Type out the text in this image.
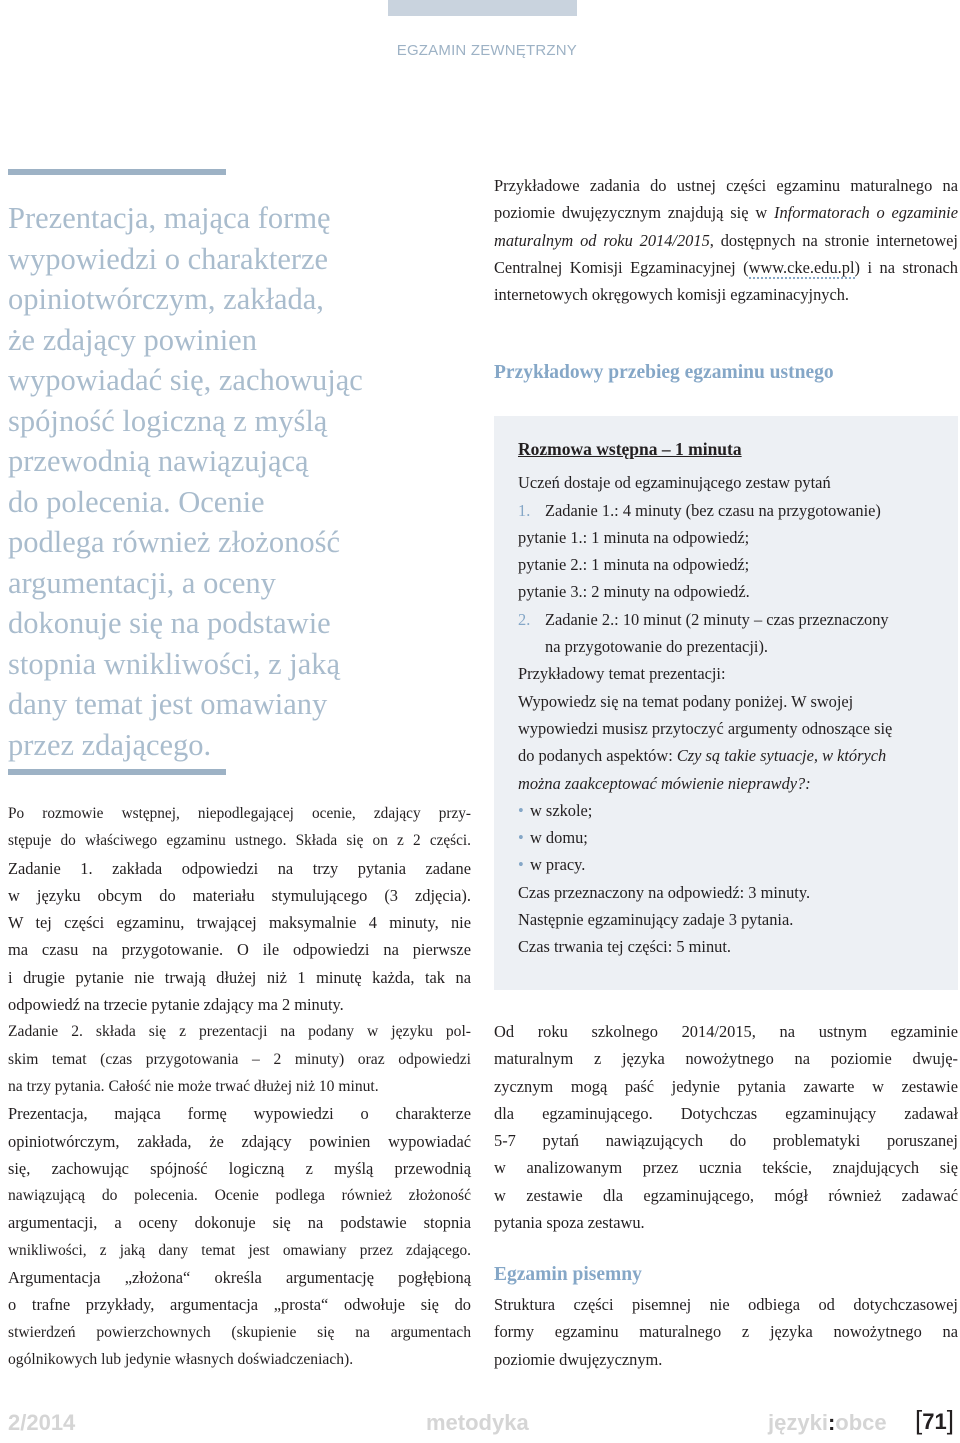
EGZAMIN ZEWNĘTRZNY
Prezentacja, mająca formę
wypowiedzi o charakterze
opiniotwórczym, zakłada,
że zdający powinien
wypowiadać się, zachowując
spójność logiczną z myślą
przewodnią nawiązującą
do polecenia. Ocenie
podlega również złożoność
argumentacji, a oceny
dokonuje się na podstawie
stopnia wnikliwości, z jaką
dany temat jest omawiany
przez zdającego.
Po rozmowie wstępnej, niepodlegającej ocenie, zdający przy-
stępuje do właściwego egzaminu ustnego. Składa się on z 2 części.
Zadanie 1. zakłada odpowiedzi na trzy pytania zadane
w języku obcym do materiału stymulującego (3 zdjęcia).
W tej części egzaminu, trwającej maksymalnie 4 minuty, nie
ma czasu na przygotowanie. O ile odpowiedzi na pierwsze
i drugie pytanie nie trwają dłużej niż 1 minutę każda, tak na
odpowiedź na trzecie pytanie zdający ma 2 minuty.
Zadanie 2. składa się z prezentacji na podany w języku pol-
skim temat (czas przygotowania – 2 minuty) oraz odpowiedzi
na trzy pytania. Całość nie może trwać dłużej niż 10 minut.
Prezentacja, mająca formę wypowiedzi o charakterze
opiniotwórczym, zakłada, że zdający powinien wypowiadać
się, zachowując spójność logiczną z myślą przewodnią
nawiązującą do polecenia. Ocenie podlega również złożoność
argumentacji, a oceny dokonuje się na podstawie stopnia
wnikliwości, z jaką dany temat jest omawiany przez zdającego.
Argumentacja „złożona“ określa argumentację pogłębioną
o trafne przykłady, argumentacja „prosta“ odwołuje się do
stwierdzeń powierzchownych (skupienie się na argumentach
ogólnikowych lub jedynie własnych doświadczeniach).
Przykładowe zadania do ustnej części egzaminu maturalnego na poziomie dwujęzycznym znajdują się w Informatorach o egzaminie maturalnym od roku 2014/2015, dostępnych na stronie internetowej Centralnej Komisji Egzaminacyjnej (www.cke.edu.pl) i na stronach internetowych okręgowych komisji egzaminacyjnych.
Przykładowy przebieg egzaminu ustnego
Rozmowa wstępna – 1 minuta
Uczeń dostaje od egzaminującego zestaw pytań
1. Zadanie 1.: 4 minuty (bez czasu na przygotowanie)
pytanie 1.: 1 minuta na odpowiedź;
pytanie 2.: 1 minuta na odpowiedź;
pytanie 3.: 2 minuty na odpowiedź.
2. Zadanie 2.: 10 minut (2 minuty – czas przeznaczony
na przygotowanie do prezentacji).
Przykładowy temat prezentacji:
Wypowiedz się na temat podany poniżej. W swojej
wypowiedzi musisz przytoczyć argumenty odnoszące się
do podanych aspektów: Czy są takie sytuacje, w których
można zaakceptować mówienie nieprawdy?:
• w szkole;
• w domu;
• w pracy.
Czas przeznaczony na odpowiedź: 3 minuty.
Następnie egzaminujący zadaje 3 pytania.
Czas trwania tej części: 5 minut.
Od roku szkolnego 2014/2015, na ustnym egzaminie
maturalnym z języka nowożytnego na poziomie dwuję-
zycznym mogą paść jedynie pytania zawarte w zestawie
dla egzaminującego. Dotychczas egzaminujący zadawał
5-7 pytań nawiązujących do problematyki poruszanej
w analizowanym przez ucznia tekście, znajdujących się
w zestawie dla egzaminującego, mógł również zadawać
pytania spoza zestawu.
Egzamin pisemny
Struktura części pisemnej nie odbiega od dotychczasowej
formy egzaminu maturalnego z języka nowożytnego na
poziomie dwujęzycznym.
2/2014	metodyka	języki:obce [71]
